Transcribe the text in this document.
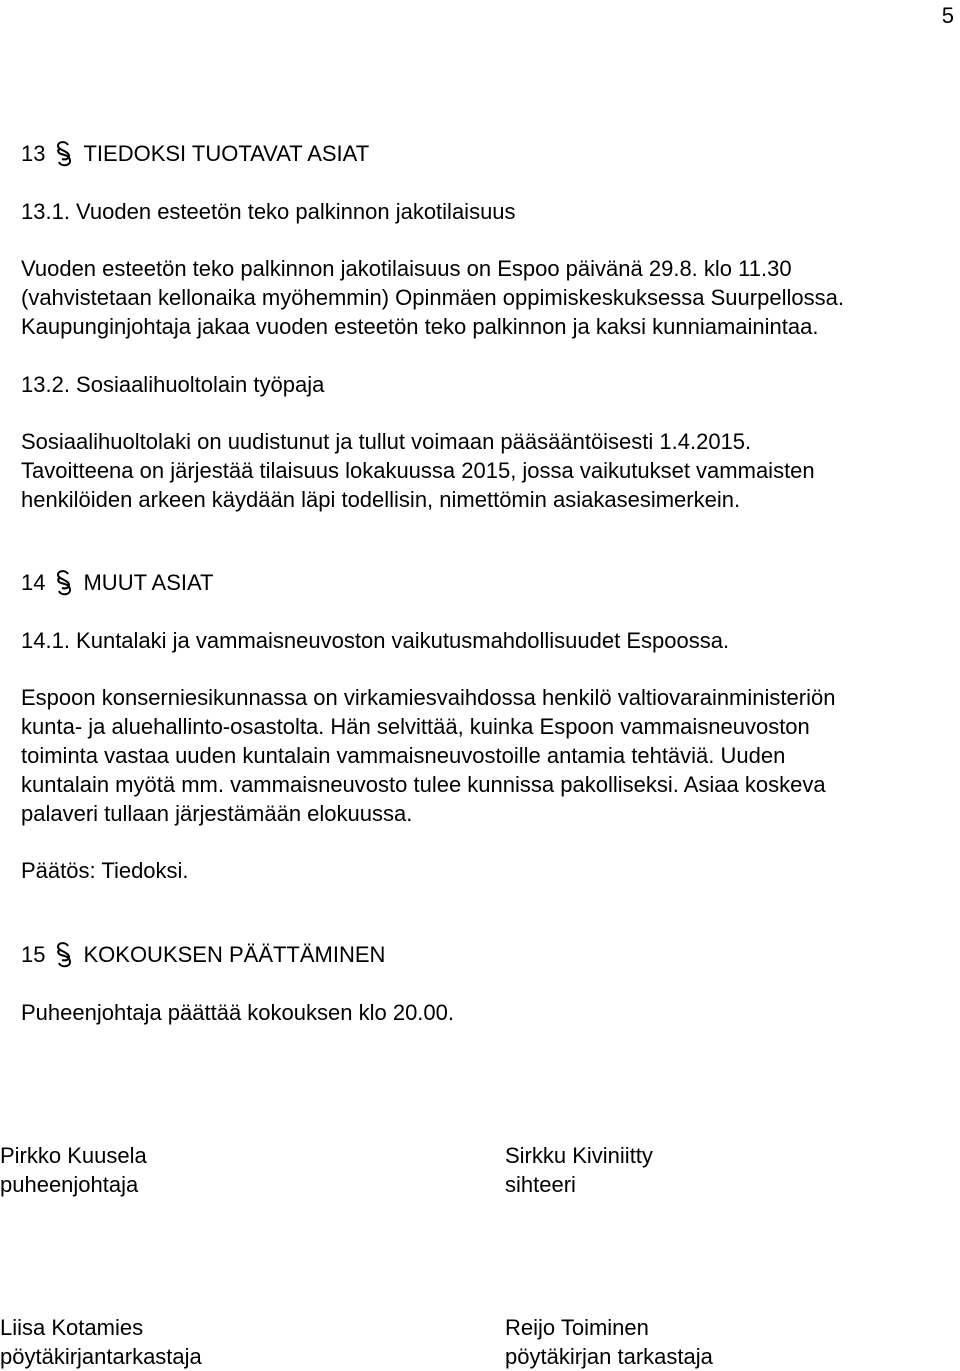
5
13 TIEDOKSI TUOTAVAT ASIAT
13.1. Vuoden esteetön teko palkinnon jakotilaisuus
Vuoden esteetön teko palkinnon jakotilaisuus on Espoo päivänä 29.8. klo 11.30
(vahvistetaan kellonaika myöhemmin) Opinmäen oppimiskeskuksessa Suurpellossa.
Kaupunginjohtaja jakaa vuoden esteetön teko palkinnon ja kaksi kunniamainintaa.
13.2. Sosiaalihuoltolain työpaja
Sosiaalihuoltolaki on uudistunut ja tullut voimaan pääsääntöisesti 1.4.2015.
Tavoitteena on järjestää tilaisuus lokakuussa 2015, jossa vaikutukset vammaisten
henkilöiden arkeen käydään läpi todellisin, nimettömin asiakasesimerkein.
14 MUUT ASIAT
14.1. Kuntalaki ja vammaisneuvoston vaikutusmahdollisuudet Espoossa.
Espoon konserniesikunnassa on virkamiesvaihdossa henkilö valtiovarainministeriön
kunta- ja aluehallinto-osastolta. Hän selvittää, kuinka Espoon vammaisneuvoston
toiminta vastaa uuden kuntalain vammaisneuvostoille antamia tehtäviä. Uuden
kuntalain myötä mm. vammaisneuvosto tulee kunnissa pakolliseksi. Asiaa koskeva
palaveri tullaan järjestämään elokuussa.
Päätös: Tiedoksi.
15 KOKOUKSEN PÄÄTTÄMINEN
Puheenjohtaja päättää kokouksen klo 20.00.
Pirkko Kuusela
puheenjohtaja
Sirkku Kiviniitty
sihteeri
Liisa Kotamies
pöytäkirjantarkastaja
Reijo Toiminen
pöytäkirjan tarkastaja
